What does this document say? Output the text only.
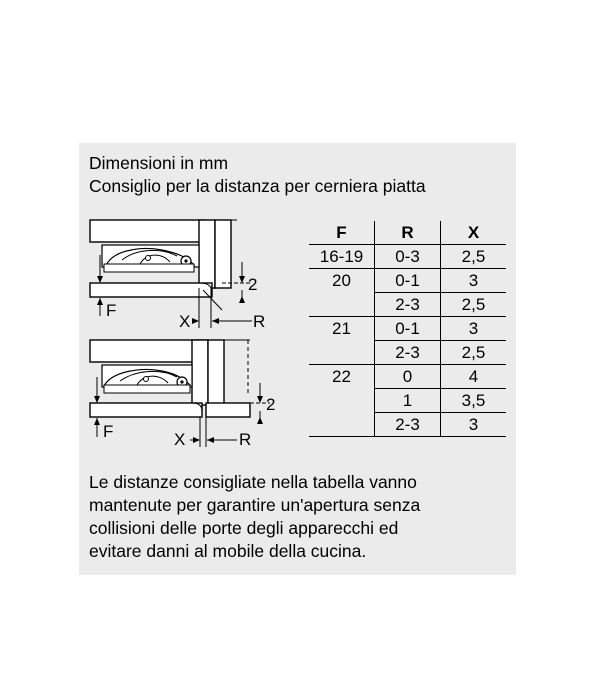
Dimensioni in mm
Consiglio per la distanza per cerniera piatta
F
2
X	R
F
2
X	R
F	R	X
16-19	0-3	2,5
20	0-1	3
	2-3	2,5
21	0-1	3
	2-3	2,5
22	0	4
	1	3,5
	2-3	3
Le distanze consigliate nella tabella vanno
mantenute per garantire un'apertura senza
collisioni delle porte degli apparecchi ed
evitare danni al mobile della cucina.
